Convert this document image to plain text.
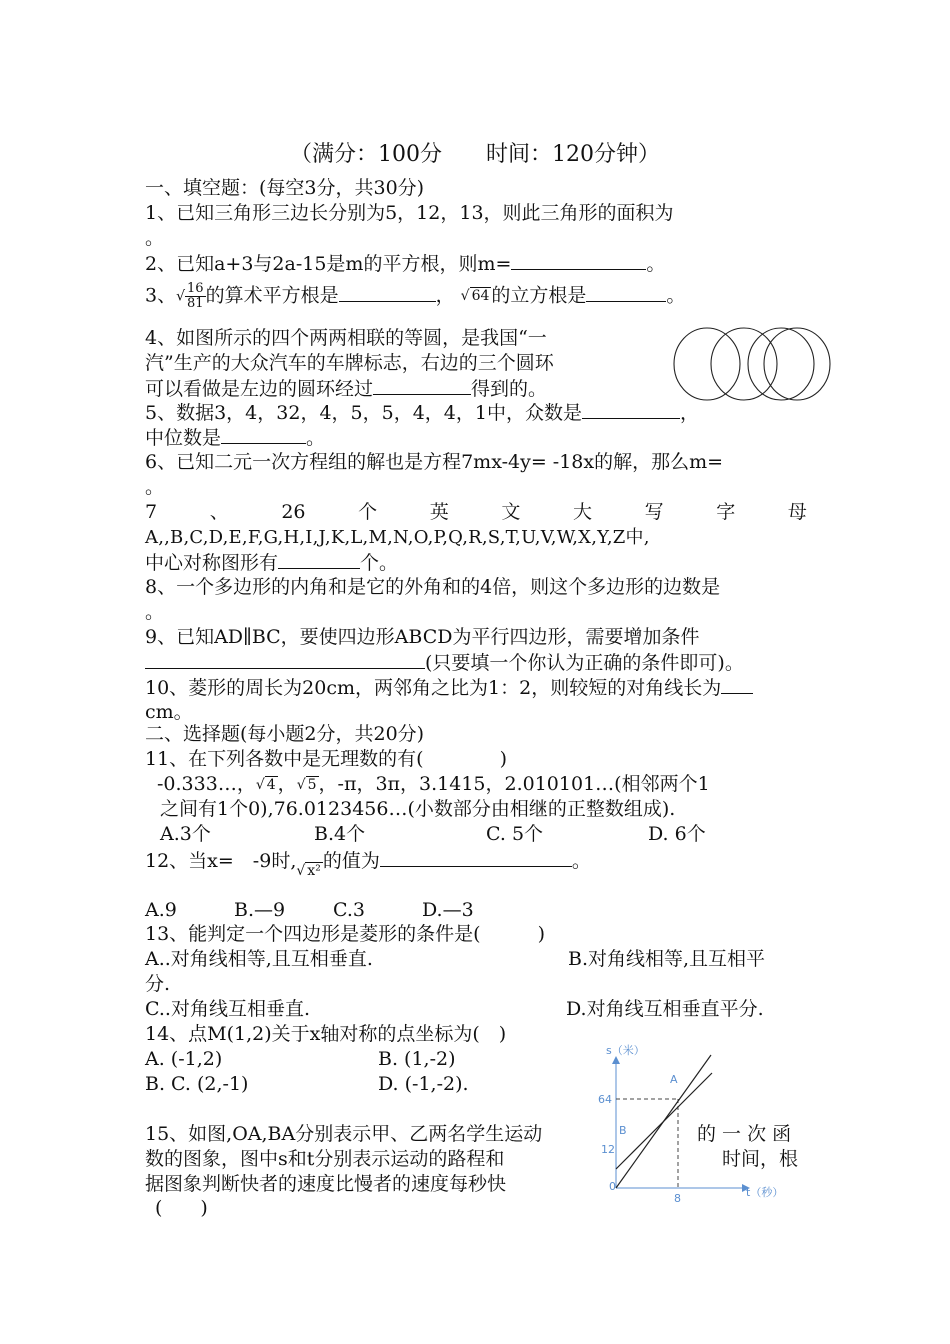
（满分：100分　　时间：120分钟）
一、填空题：(每空3分，共30分)
1、已知三角形三边长分别为5，12，13，则此三角形的面积为
。
2、已知a+3与2a-15是m的平方根，则m=	。
3、√ $\frac{16}{81}$ 的算术平方根是	， √ 64 的立方根是	。
4、如图所示的四个两两相联的等圆，是我国“一
汽”生产的大众汽车的车牌标志，右边的三个圆环
可以看做是左边的圆环经过	得到的。
5、数据3，4，32，4，5，5，4，4，1中，众数是	，
中位数是	。
6、已知二元一次方程组的解也是方程7mx-4y= -18x的解，那么m=
。
7	、	26	个	英	文	大	写	字	母
A,,B,C,D,E,F,G,H,I,J,K,L,M,N,O,P,Q,R,S,T,U,V,W,X,Y,Z中,
中心对称图形有	个。
8、一个多边形的内角和是它的外角和的4倍，则这个多边形的边数是
。
9、已知AD∥BC，要使四边形ABCD为平行四边形，需要增加条件
(只要填一个你认为正确的条件即可)。
10、菱形的周长为20cm，两邻角之比为1：2，则较短的对角线长为
cm。
二、选择题(每小题2分，共20分)
11、在下列各数中是无理数的有(　　　　)
-0.333…，√ 4 ，√ 5 ，-π，3π，3.1415，2.010101…(相邻两个1
之间有1个0),76.0123456…(小数部分由相继的正整数组成).
A.3个	B.4个	C. 5个	D. 6个
12、当x=　-9时,√ x² 的值为	。
A.9	B.—9	C.3	D.—3
13、能判定一个四边形是菱形的条件是(　　　)
A..对角线相等,且互相垂直.	B.对角线相等,且互相平
分.
C..对角线互相垂直.	D.对角线互相垂直平分.
14、点M(1,2)关于x轴对称的点坐标为(　)
A. (-1,2)	B. (1,-2)
B. C. (2,-1)	D. (-1,-2).
15、如图,OA,BA分别表示甲、乙两名学生运动	的 一 次 函
数的图象，图中s和t分别表示运动的路程和	时间，根
据图象判断快者的速度比慢者的速度每秒快
(　　)
s（米）
t（秒）
64
12
0
8
A
B
